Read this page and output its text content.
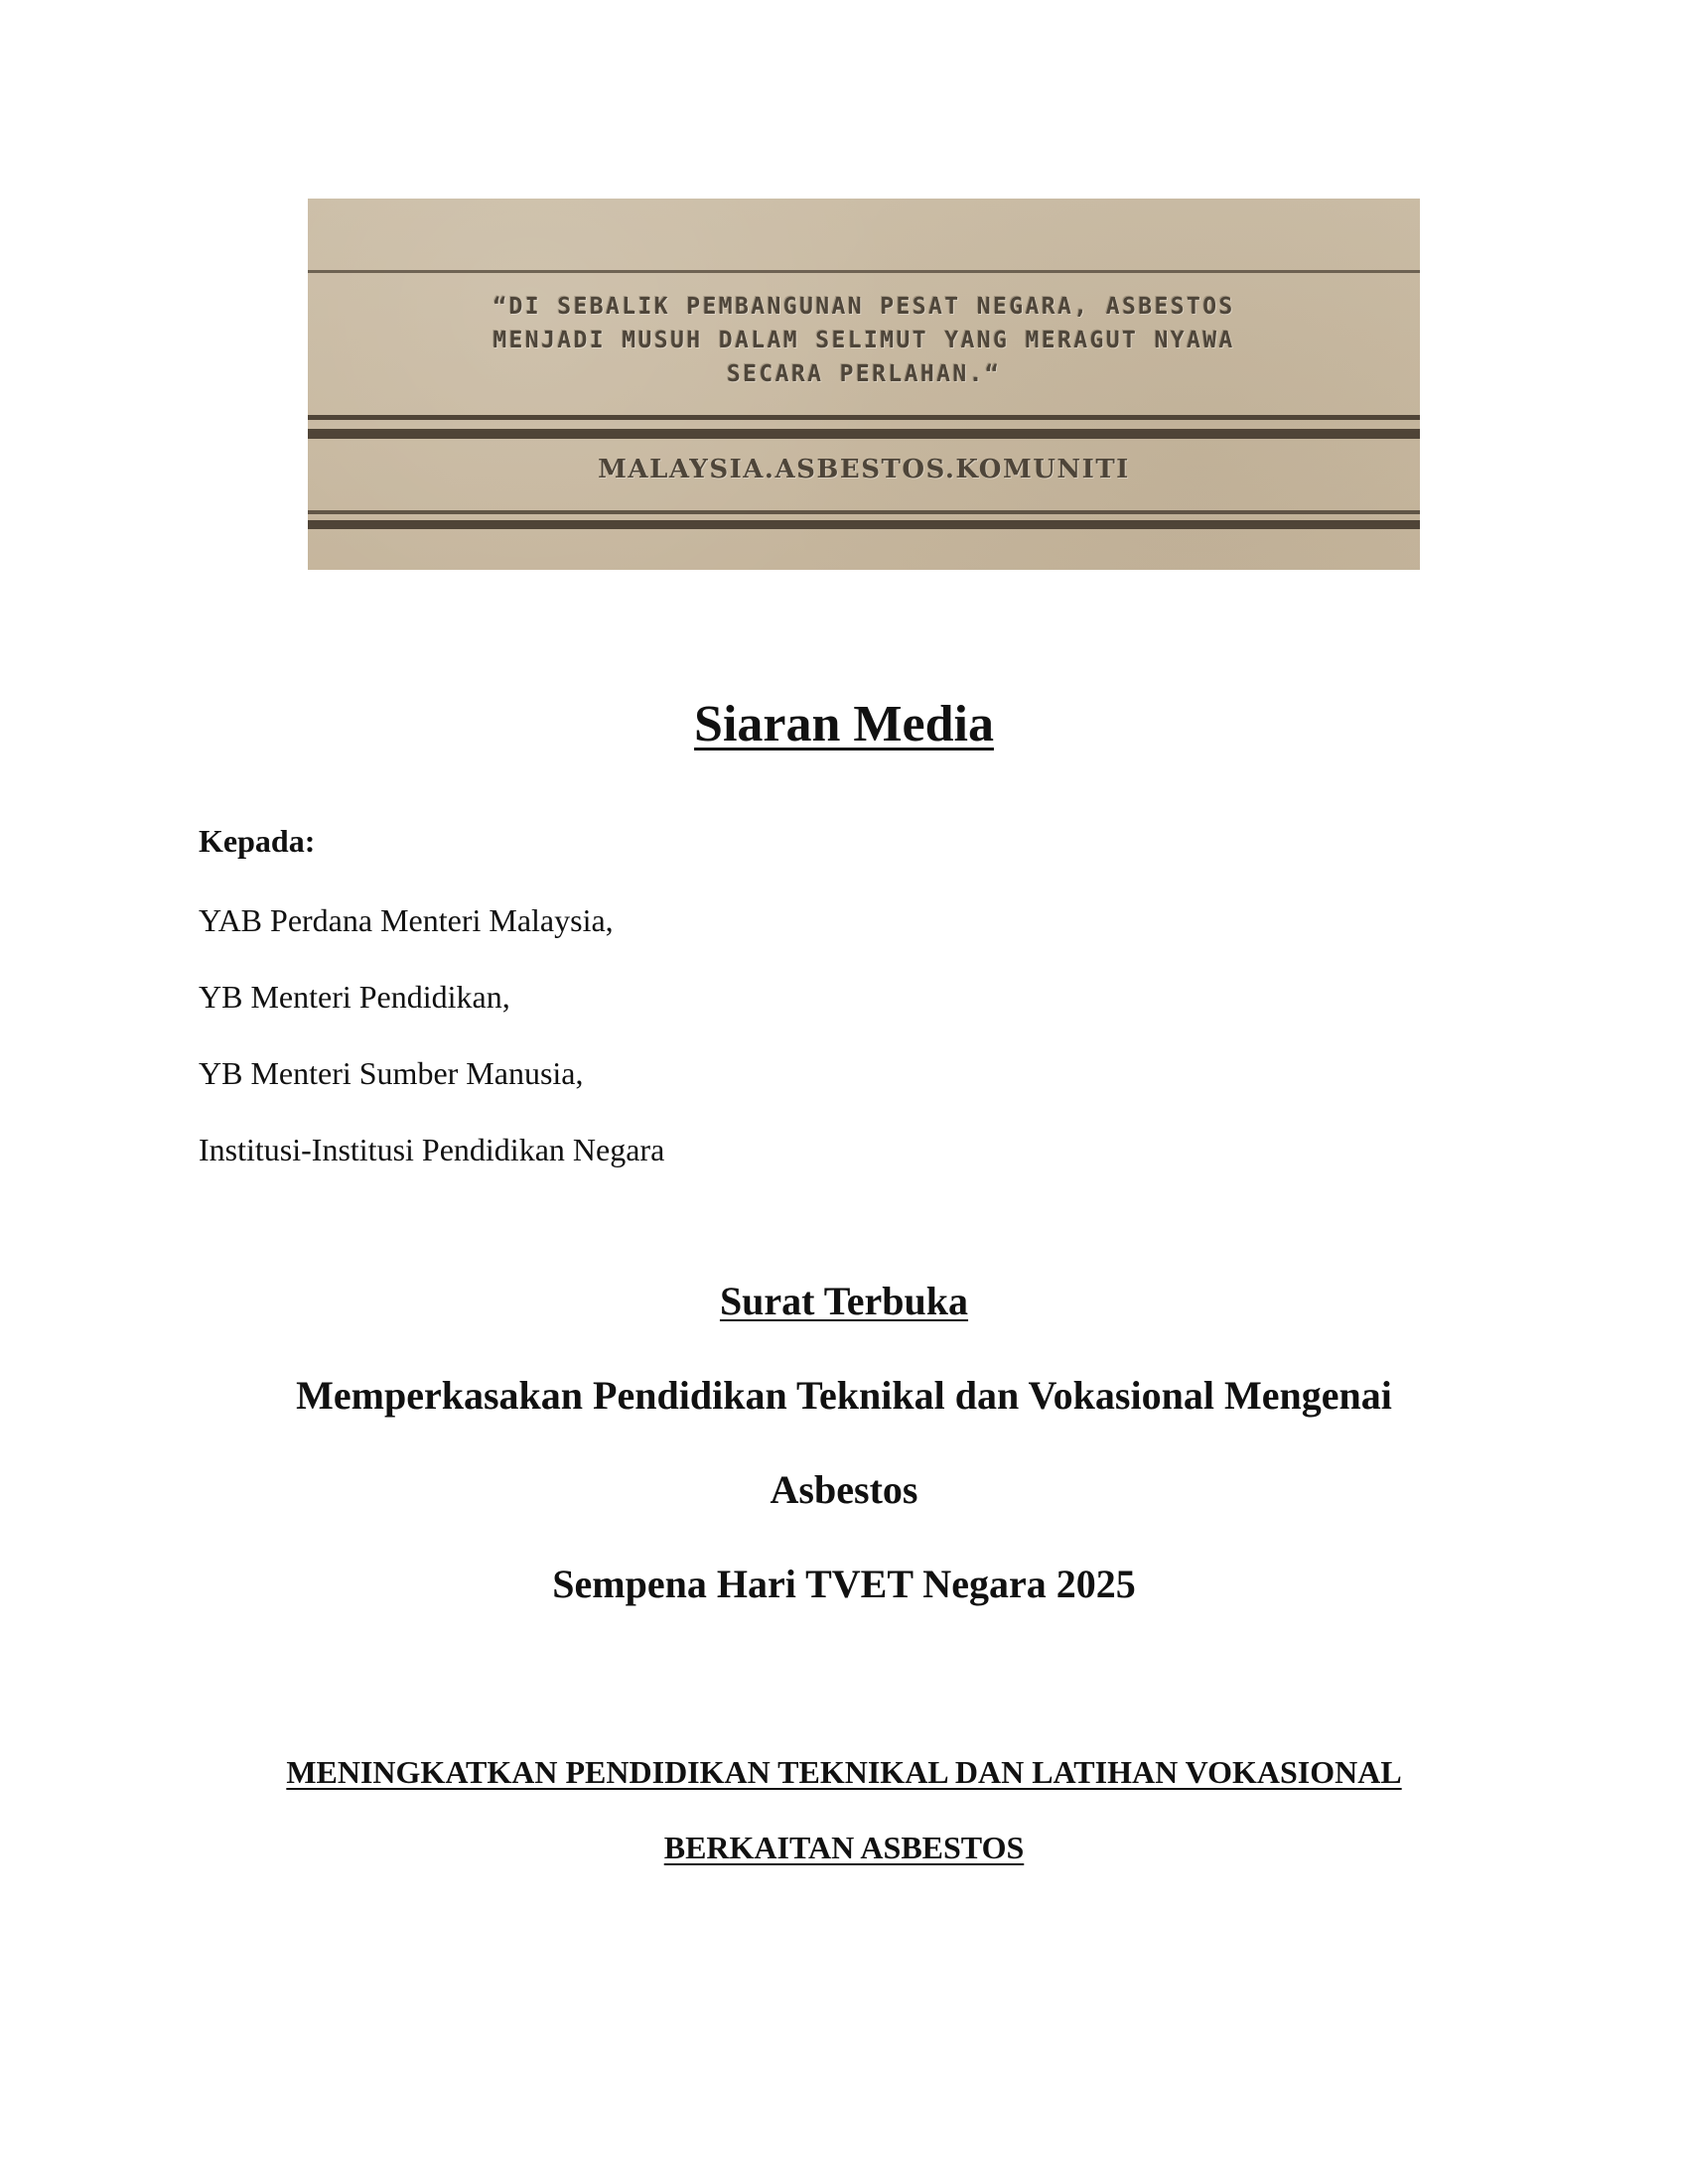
“DI SEBALIK PEMBANGUNAN PESAT NEGARA, ASBESTOS
MENJADI MUSUH DALAM SELIMUT YANG MERAGUT NYAWA
SECARA PERLAHAN.“
MALAYSIA.ASBESTOS.KOMUNITI
Siaran Media
Kepada:
YAB Perdana Menteri Malaysia,
YB Menteri Pendidikan,
YB Menteri Sumber Manusia,
Institusi-Institusi Pendidikan Negara
Surat Terbuka
Memperkasakan Pendidikan Teknikal dan Vokasional Mengenai
Asbestos
Sempena Hari TVET Negara 2025
MENINGKATKAN PENDIDIKAN TEKNIKAL DAN LATIHAN VOKASIONAL
BERKAITAN ASBESTOS
